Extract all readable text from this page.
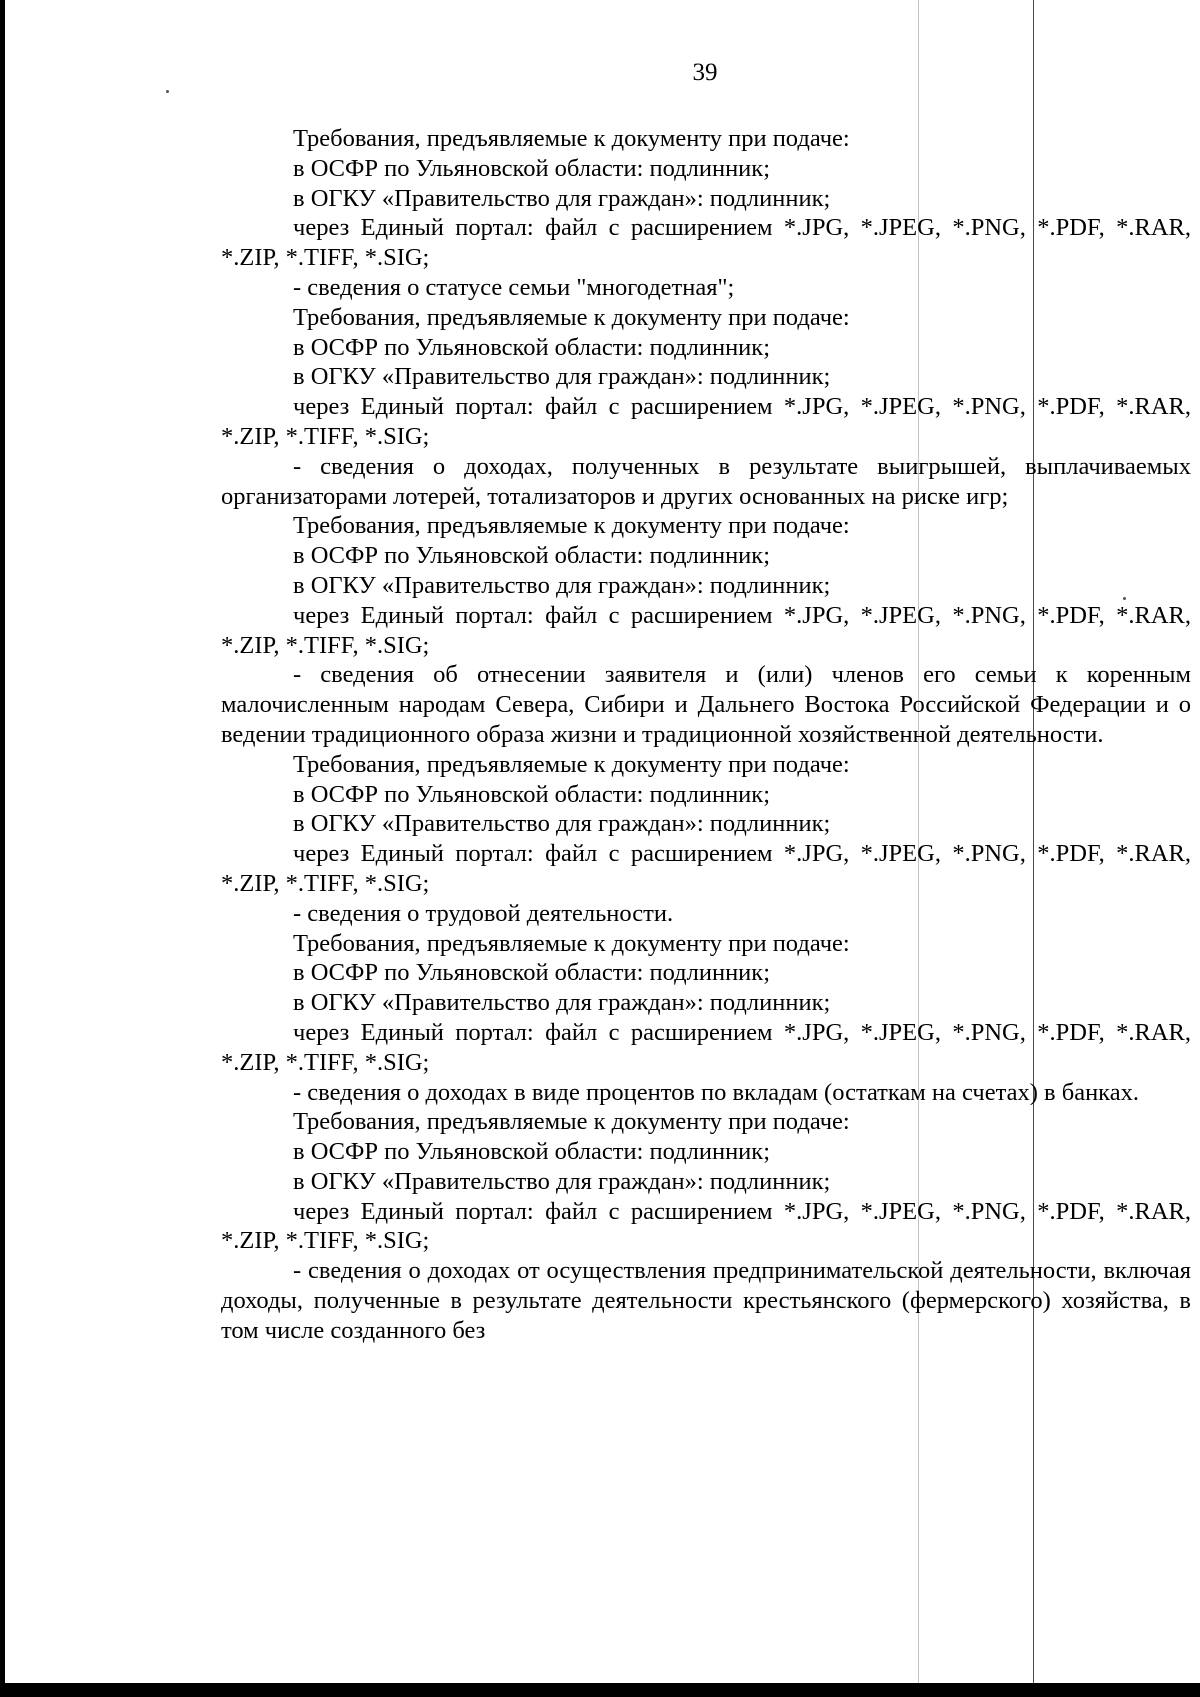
39

Требования, предъявляемые к документу при подаче:

в ОСФР по Ульяновской области: подлинник;

в ОГКУ «Правительство для граждан»: подлинник;

через Единый портал: файл с расширением *.JPG, *.JPEG, *.PNG, *.PDF, *.RAR, *.ZIP, *.TIFF, *.SIG;

- сведения о статусе семьи "многодетная";

Требования, предъявляемые к документу при подаче:

в ОСФР по Ульяновской области: подлинник;

в ОГКУ «Правительство для граждан»: подлинник;

через Единый портал: файл с расширением *.JPG, *.JPEG, *.PNG, *.PDF, *.RAR, *.ZIP, *.TIFF, *.SIG;

- сведения о доходах, полученных в результате выигрышей, выплачиваемых организаторами лотерей, тотализаторов и других основанных на риске игр;

Требования, предъявляемые к документу при подаче:

в ОСФР по Ульяновской области: подлинник;

в ОГКУ «Правительство для граждан»: подлинник;

через Единый портал: файл с расширением *.JPG, *.JPEG, *.PNG, *.PDF, *.RAR, *.ZIP, *.TIFF, *.SIG;

- сведения об отнесении заявителя и (или) членов его семьи к коренным малочисленным народам Севера, Сибири и Дальнего Востока Российской Федерации и о ведении традиционного образа жизни и традиционной хозяйственной деятельности.

Требования, предъявляемые к документу при подаче:

в ОСФР по Ульяновской области: подлинник;

в ОГКУ «Правительство для граждан»: подлинник;

через Единый портал: файл с расширением *.JPG, *.JPEG, *.PNG, *.PDF, *.RAR, *.ZIP, *.TIFF, *.SIG;

- сведения о трудовой деятельности.

Требования, предъявляемые к документу при подаче:

в ОСФР по Ульяновской области: подлинник;

в ОГКУ «Правительство для граждан»: подлинник;

через Единый портал: файл с расширением *.JPG, *.JPEG, *.PNG, *.PDF, *.RAR, *.ZIP, *.TIFF, *.SIG;

- сведения о доходах в виде процентов по вкладам (остаткам на счетах) в банках.

Требования, предъявляемые к документу при подаче:

в ОСФР по Ульяновской области: подлинник;

в ОГКУ «Правительство для граждан»: подлинник;

через Единый портал: файл с расширением *.JPG, *.JPEG, *.PNG, *.PDF, *.RAR, *.ZIP, *.TIFF, *.SIG;

- сведения о доходах от осуществления предпринимательской деятельности, включая доходы, полученные в результате деятельности крестьянского (фермерского) хозяйства, в том числе созданного без
